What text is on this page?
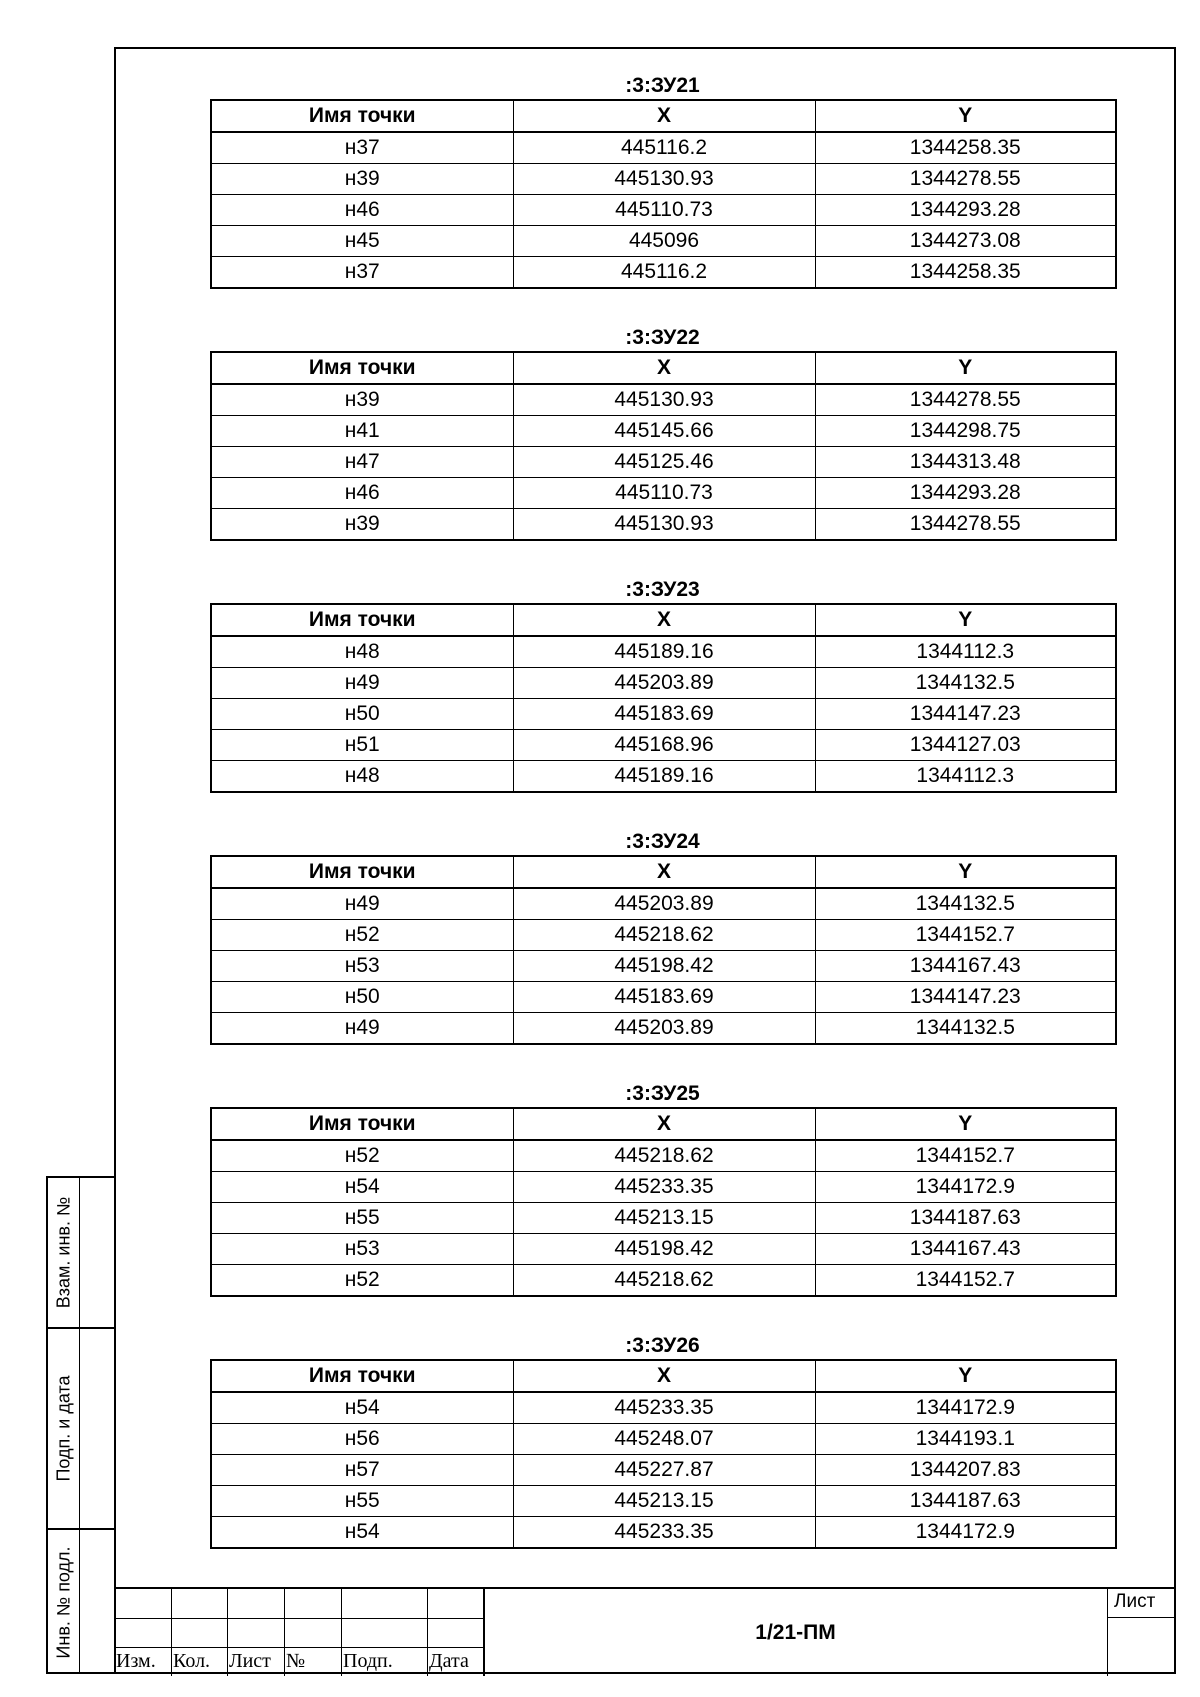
Взам. инв. №
Подп. и дата
Инв. № подл.
:3:ЗУ21
Имя точки	X	Y
н37	445116.2	1344258.35
н39	445130.93	1344278.55
н46	445110.73	1344293.28
н45	445096	1344273.08
н37	445116.2	1344258.35
:3:ЗУ22
Имя точки	X	Y
н39	445130.93	1344278.55
н41	445145.66	1344298.75
н47	445125.46	1344313.48
н46	445110.73	1344293.28
н39	445130.93	1344278.55
:3:ЗУ23
Имя точки	X	Y
н48	445189.16	1344112.3
н49	445203.89	1344132.5
н50	445183.69	1344147.23
н51	445168.96	1344127.03
н48	445189.16	1344112.3
:3:ЗУ24
Имя точки	X	Y
н49	445203.89	1344132.5
н52	445218.62	1344152.7
н53	445198.42	1344167.43
н50	445183.69	1344147.23
н49	445203.89	1344132.5
:3:ЗУ25
Имя точки	X	Y
н52	445218.62	1344152.7
н54	445233.35	1344172.9
н55	445213.15	1344187.63
н53	445198.42	1344167.43
н52	445218.62	1344152.7
:3:ЗУ26
Имя точки	X	Y
н54	445233.35	1344172.9
н56	445248.07	1344193.1
н57	445227.87	1344207.83
н55	445213.15	1344187.63
н54	445233.35	1344172.9
Изм. Кол. Лист № Подп. Дата
1/21-ПМ
Лист
